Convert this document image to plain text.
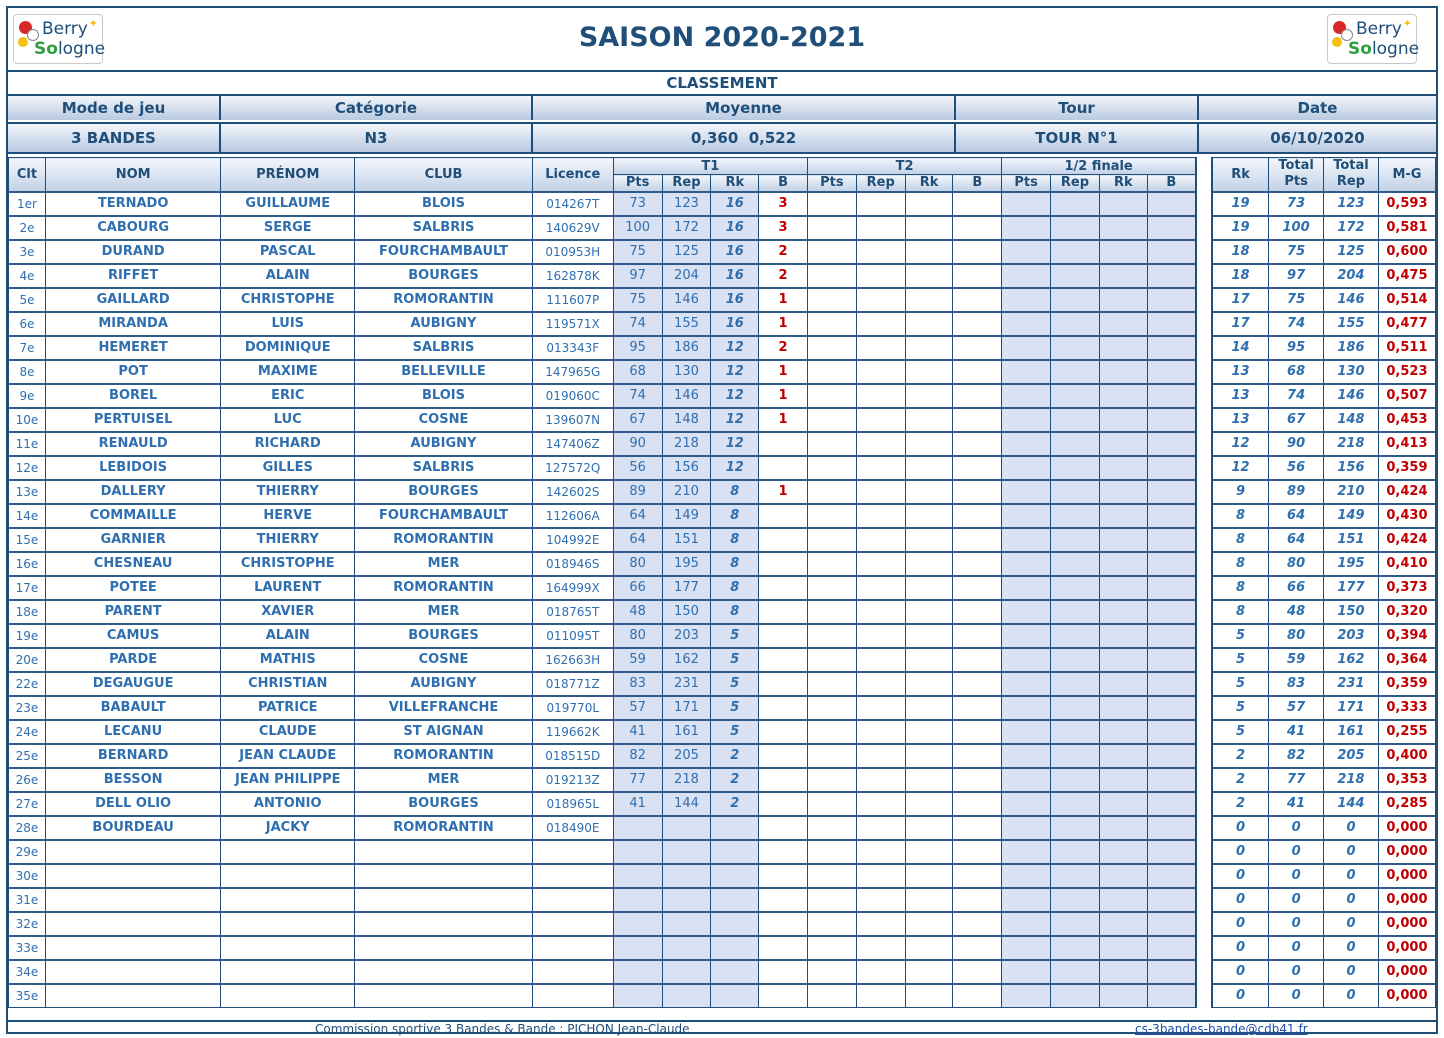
Berry
Sologne
✦	SAISON 2020-2021	Berry
Sologne
✦
CLASSEMENT
Mode de jeu	Catégorie	Moyenne	Tour	Date
3 BANDES	N3	0,360  0,522	TOUR N°1	06/10/2020
Clt	NOM	PRÉNOM	CLUB	Licence	T1				T2				1/2 finale					Rk	Total Pts	Total Rep	M-G
					Pts	Rep	Rk	B	Pts	Rep	Rk	B	Pts	Rep	Rk	B					
1er	TERNADO	GUILLAUME	BLOIS	014267T	73	123	16	3										19	73	123	0,593
2e	CABOURG	SERGE	SALBRIS	140629V	100	172	16	3										19	100	172	0,581
3e	DURAND	PASCAL	FOURCHAMBAULT	010953H	75	125	16	2										18	75	125	0,600
4e	RIFFET	ALAIN	BOURGES	162878K	97	204	16	2										18	97	204	0,475
5e	GAILLARD	CHRISTOPHE	ROMORANTIN	111607P	75	146	16	1										17	75	146	0,514
6e	MIRANDA	LUIS	AUBIGNY	119571X	74	155	16	1										17	74	155	0,477
7e	HEMERET	DOMINIQUE	SALBRIS	013343F	95	186	12	2										14	95	186	0,511
8e	POT	MAXIME	BELLEVILLE	147965G	68	130	12	1										13	68	130	0,523
9e	BOREL	ERIC	BLOIS	019060C	74	146	12	1										13	74	146	0,507
10e	PERTUISEL	LUC	COSNE	139607N	67	148	12	1										13	67	148	0,453
11e	RENAULD	RICHARD	AUBIGNY	147406Z	90	218	12											12	90	218	0,413
12e	LEBIDOIS	GILLES	SALBRIS	127572Q	56	156	12											12	56	156	0,359
13e	DALLERY	THIERRY	BOURGES	142602S	89	210	8	1										9	89	210	0,424
14e	COMMAILLE	HERVE	FOURCHAMBAULT	112606A	64	149	8											8	64	149	0,430
15e	GARNIER	THIERRY	ROMORANTIN	104992E	64	151	8											8	64	151	0,424
16e	CHESNEAU	CHRISTOPHE	MER	018946S	80	195	8											8	80	195	0,410
17e	POTEE	LAURENT	ROMORANTIN	164999X	66	177	8											8	66	177	0,373
18e	PARENT	XAVIER	MER	018765T	48	150	8											8	48	150	0,320
19e	CAMUS	ALAIN	BOURGES	011095T	80	203	5											5	80	203	0,394
20e	PARDE	MATHIS	COSNE	162663H	59	162	5											5	59	162	0,364
22e	DEGAUGUE	CHRISTIAN	AUBIGNY	018771Z	83	231	5											5	83	231	0,359
23e	BABAULT	PATRICE	VILLEFRANCHE	019770L	57	171	5											5	57	171	0,333
24e	LECANU	CLAUDE	ST AIGNAN	119662K	41	161	5											5	41	161	0,255
25e	BERNARD	JEAN CLAUDE	ROMORANTIN	018515D	82	205	2											2	82	205	0,400
26e	BESSON	JEAN PHILIPPE	MER	019213Z	77	218	2											2	77	218	0,353
27e	DELL OLIO	ANTONIO	BOURGES	018965L	41	144	2											2	41	144	0,285
28e	BOURDEAU	JACKY	ROMORANTIN	018490E														0	0	0	0,000
29e																		0	0	0	0,000
30e																		0	0	0	0,000
31e																		0	0	0	0,000
32e																		0	0	0	0,000
33e																		0	0	0	0,000
34e																		0	0	0	0,000
35e																		0	0	0	0,000
Commission sportive 3 Bandes & Bande : PICHON Jean-Claude	cs-3bandes-bande@cdb41.fr
